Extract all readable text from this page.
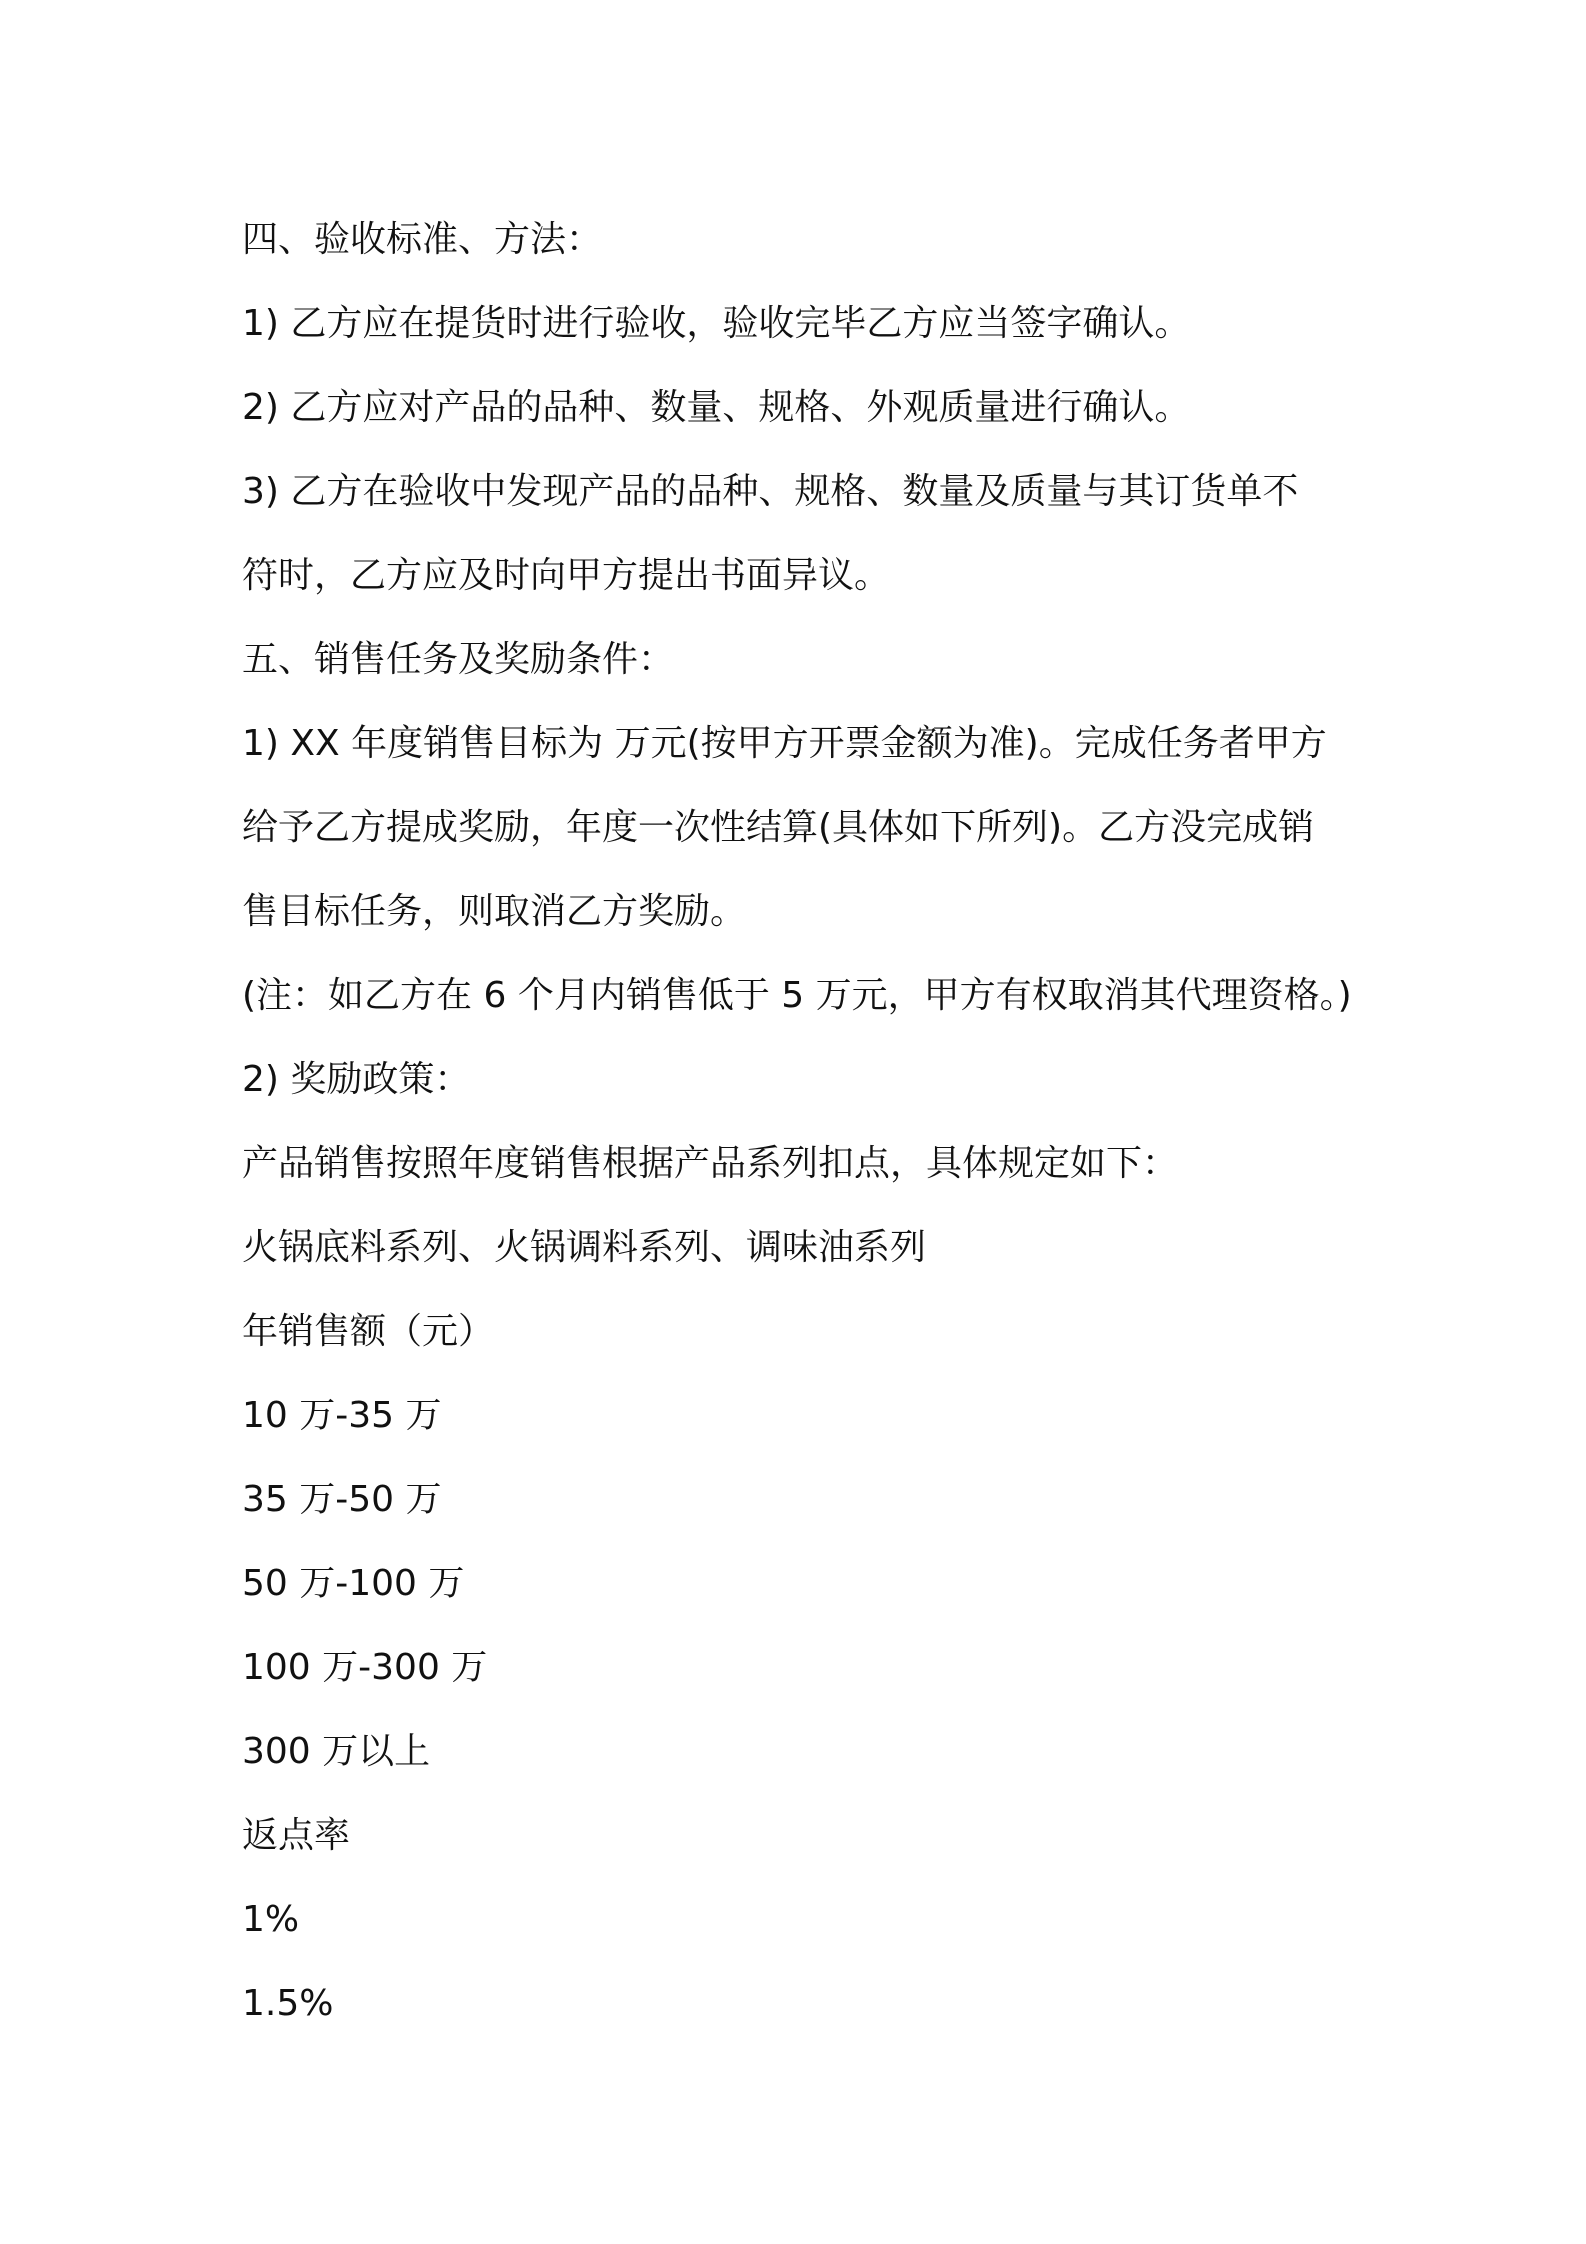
四、验收标准、方法：
1) 乙方应在提货时进行验收，验收完毕乙方应当签字确认。
2) 乙方应对产品的品种、数量、规格、外观质量进行确认。
3) 乙方在验收中发现产品的品种、规格、数量及质量与其订货单不
符时，乙方应及时向甲方提出书面异议。
五、销售任务及奖励条件：
1) XX 年度销售目标为 万元(按甲方开票金额为准)。完成任务者甲方
给予乙方提成奖励，年度一次性结算(具体如下所列)。乙方没完成销
售目标任务，则取消乙方奖励。
(注：如乙方在 6 个月内销售低于 5 万元，甲方有权取消其代理资格。)
2) 奖励政策：
产品销售按照年度销售根据产品系列扣点，具体规定如下：
火锅底料系列、火锅调料系列、调味油系列
年销售额（元）
10 万-35 万
35 万-50 万
50 万-100 万
100 万-300 万
300 万以上
返点率
1%
1.5%
